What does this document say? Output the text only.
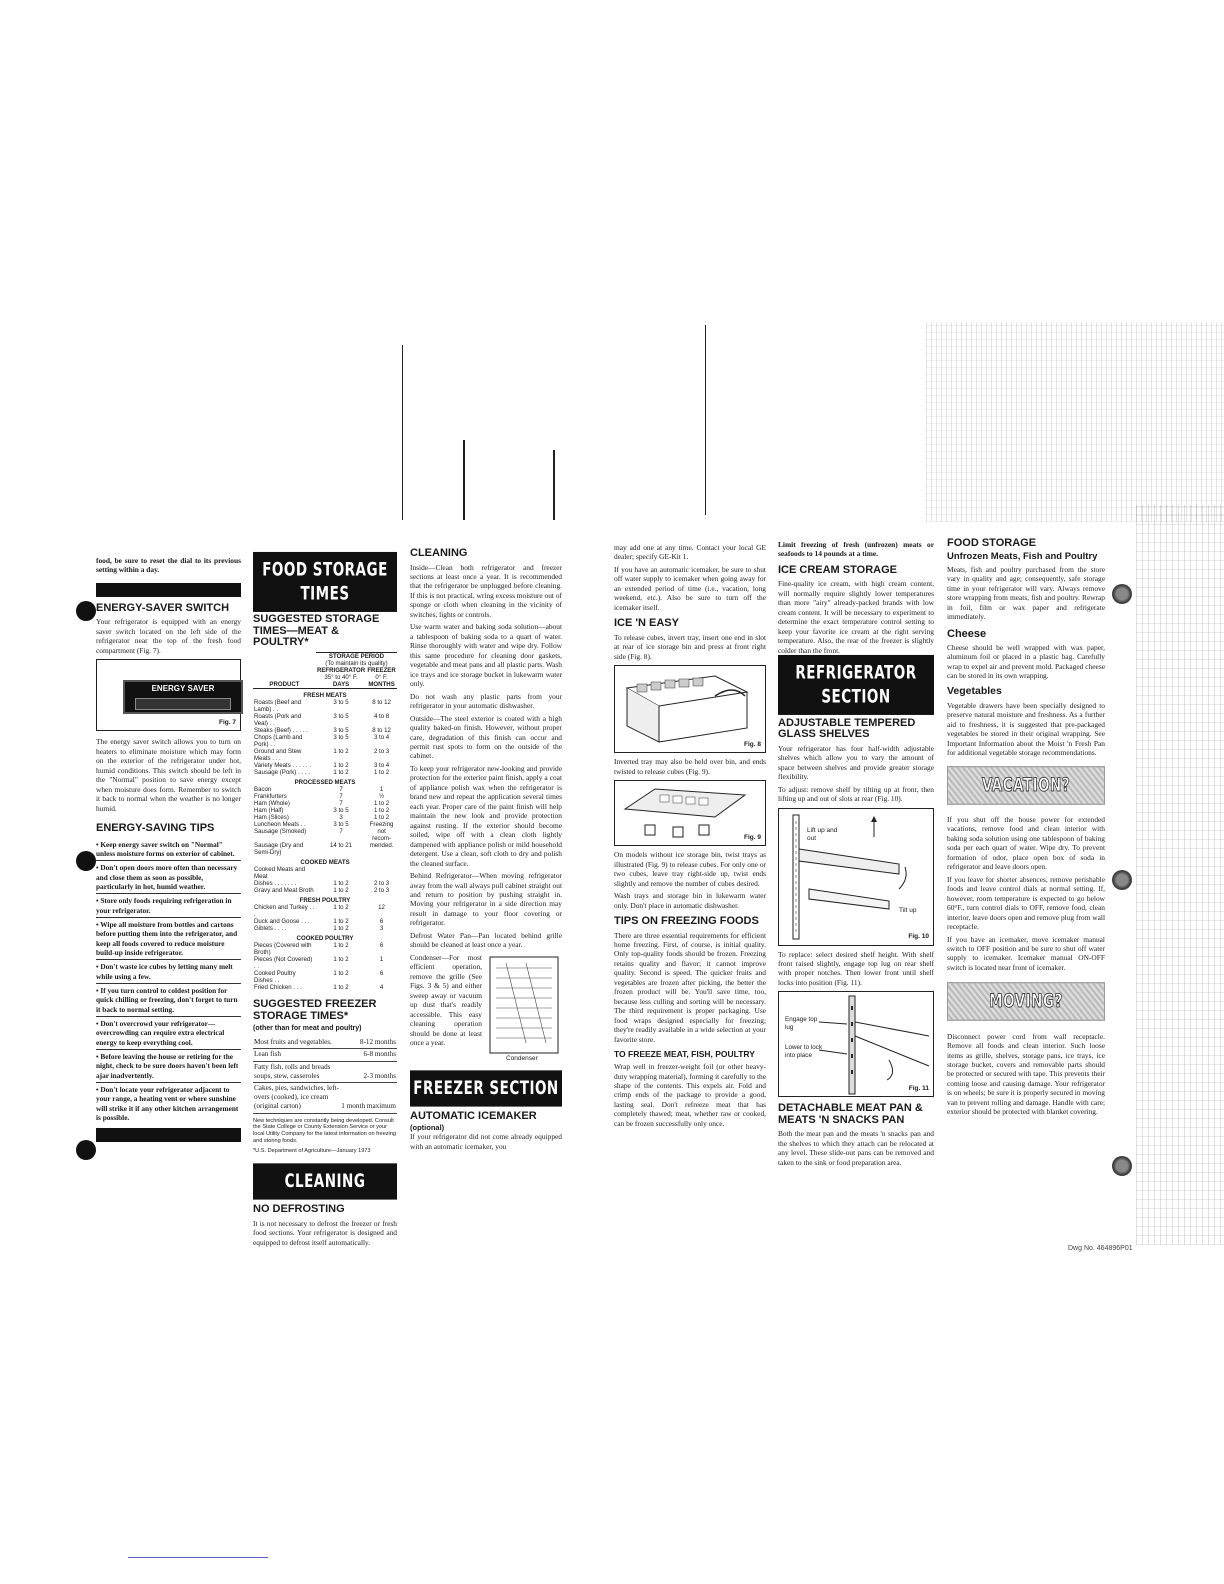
food, be sure to reset the dial to its previous setting within a day.

ENERGY-SAVER SWITCH

Your refrigerator is equipped with an energy saver switch located on the left side of the refrigerator near the top of the fresh food compartment (Fig. 7).

ENERGY SAVER
Fig. 7

The energy saver switch allows you to turn on heaters to eliminate moisture which may form on the exterior of the refrigerator under hot, humid conditions. This switch should be left in the "Normal" position to save energy except when moisture does form. Remember to switch it back to normal when the weather is no longer humid.

ENERGY-SAVING TIPS
• Keep energy saver switch on "Normal" unless moisture forms on exterior of cabinet.
• Don't open doors more often than necessary and close them as soon as possible, particularly in hot, humid weather.
• Store only foods requiring refrigeration in your refrigerator.
• Wipe all moisture from bottles and cartons before putting them into the refrigerator, and keep all foods covered to reduce moisture build-up inside refrigerator.
• Don't waste ice cubes by letting many melt while using a few.
• If you turn control to coldest position for quick chilling or freezing, don't forget to turn it back to normal setting.
• Don't overcrowd your refrigerator—overcrowding can require extra electrical energy to keep everything cool.
• Before leaving the house or retiring for the night, check to be sure doors haven't been left ajar inadvertently.
• Don't locate your refrigerator adjacent to your range, a heating vent or where sunshine will strike it if any other kitchen arrangement is possible.
FOOD STORAGE TIMES
SUGGESTED STORAGE TIMES—MEAT & POULTRY*
	STORAGE PERIOD	
	(To maintain its quality)	
	REFRIGERATOR	FREEZER
	35° to 40° F.	0° F.
PRODUCT	DAYS	MONTHS
FRESH MEATS		
Roasts (Beef and Lamb) . .	3 to 5	8 to 12
Roasts (Pork and Veal) . .	3 to 5	4 to 8
Steaks (Beef) . . . . .	3 to 5	8 to 12
Chops (Lamb and Pork) . .	3 to 5	3 to 4
Ground and Stew Meats . . .	1 to 2	2 to 3
Variety Meats . . . . . .	1 to 2	3 to 4
Sausage (Pork) . . . .	1 to 2	1 to 2
PROCESSED MEATS		
Bacon	7	1
Frankfurters	7	½
Ham (Whole)	7	1 to 2
Ham (Half)	3 to 5	1 to 2
Ham (Slices)	3	1 to 2
Luncheon Meats . .	3 to 5	Freezing
Sausage (Smoked)	7	not recom-
Sausage (Dry and Semi-Dry)	14 to 21	mended.
COOKED MEATS		
Cooked Meats and Meat		
Dishes . . . . . . .	1 to 2	2 to 3
Gravy and Meat Broth	1 to 2	2 to 3
FRESH POULTRY		
Chicken and Turkey . . .	1 to 2	12
Duck and Goose . . .	1 to 2	6
Giblets . . . .	1 to 2	3
COOKED POULTRY		
Pieces (Covered with Broth)	1 to 2	6
Pieces (Not Covered) . .	1 to 2	1
Cooked Poultry Dishes . .	1 to 2	6
Fried Chicken . . .	1 to 2	4
SUGGESTED FREEZER STORAGE TIMES*
(other than for meat and poultry)
Most fruits and vegetables.	8-12 months
Lean fish	6-8 months
Fatty fish, rolls and breads soups, stew, casseroles	2-3 months
Cakes, pies, sandwiches, left-overs (cooked), ice cream (original carton)	1 month maximum
New techniques are constantly being developed. Consult the State College or County Extension Service or your local Utility Company for the latest information on freezing and storing foods.
*U.S. Department of Agriculture—January 1973
CLEANING
NO DEFROSTING

It is not necessary to defrost the freezer or fresh food sections. Your refrigerator is designed and equipped to defrost itself automatically.

CLEANING

Inside—Clean both refrigerator and freezer sections at least once a year. It is recommended that the refrigerator be unplugged before cleaning. If this is not practical, wring excess moisture out of sponge or cloth when cleaning in the vicinity of switches, lights or controls.

Use warm water and baking soda solution—about a tablespoon of baking soda to a quart of water. Rinse thoroughly with water and wipe dry. Follow this same procedure for cleaning door gaskets, vegetable and meat pans and all plastic parts. Wash ice trays and ice storage bucket in lukewarm water only.

Do not wash any plastic parts from your refrigerator in your automatic dishwasher.

Outside—The steel exterior is coated with a high quality baked-on finish. However, without proper care, degradation of this finish can occur and permit rust spots to form on the outside of the cabinet.

To keep your refrigerator new-looking and provide protection for the exterior paint finish, apply a coat of appliance polish wax when the refrigerator is brand new and repeat the application several times each year. Proper care of the paint finish will help maintain the new look and provide protection against rusting. If the exterior should become soiled, wipe off with a clean cloth lightly dampened with appliance polish or mild household detergent. Use a clean, soft cloth to dry and polish the cleaned surface.

Behind Refrigerator—When moving refrigerator away from the wall always pull cabinet straight out and return to position by pushing straight in. Moving your refrigerator in a side direction may result in damage to your floor covering or refrigerator.

Defrost Water Pan—Pan located behind grille should be cleaned at least once a year.

Condenser—For most efficient operation, remove the grille (See Figs. 3 & 5) and either sweep away or vacuum up dust that's readily accessible. This easy cleaning operation should be done at least once a year.

Condenser
FREEZER SECTION
AUTOMATIC ICEMAKER
(optional)

If your refrigerator did not come already equipped with an automatic icemaker, you

may add one at any time. Contact your local GE dealer; specify GE-Kit 1.

If you have an automatic icemaker, be sure to shut off water supply to icemaker when going away for an extended period of time (i.e., vacation, long weekend, etc.). Also be sure to turn off the icemaker itself.

ICE 'N EASY

To release cubes, invert tray, insert one end in slot at rear of ice storage bin and press at front right side (Fig. 8).

Fig. 8

Inverted tray may also be held over bin, and ends twisted to release cubes (Fig. 9).

Fig. 9

On models without ice storage bin, twist trays as illustrated (Fig. 9) to release cubes. For only one or two cubes, leave tray right-side up, twist ends slightly and remove the number of cubes desired.

Wash trays and storage bin in lukewarm water only. Don't place in automatic dishwasher.

TIPS ON FREEZING FOODS

There are three essential requirements for efficient home freezing. First, of course, is initial quality. Only top-quality foods should be frozen. Freezing retains quality and flavor; it cannot improve quality. Second is speed. The quicker fruits and vegetables are frozen after picking, the better the frozen product will be. You'll save time, too, because less culling and sorting will be necessary. The third requirement is proper packaging. Use food wraps designed especially for freezing; they're readily available in a wide selection at your favorite store.

TO FREEZE MEAT, FISH, POULTRY

Wrap well in freezer-weight foil (or other heavy-duty wrapping material), forming it carefully to the shape of the contents. This expels air. Fold and crimp ends of the package to provide a good, lasting seal. Don't refreeze meat that has completely thawed; meat, whether raw or cooked, can be frozen successfully only once.

Limit freezing of fresh (unfrozen) meats or seafoods to 14 pounds at a time.

ICE CREAM STORAGE

Fine-quality ice cream, with high cream content, will normally require slightly lower temperatures than more "airy" already-packed brands with low cream content. It will be necessary to experiment to determine the exact temperature control setting to keep your favorite ice cream at the right serving temperature. Also, the rear of the freezer is slightly colder than the front.

REFRIGERATOR SECTION
ADJUSTABLE TEMPERED GLASS SHELVES

Your refrigerator has four half-width adjustable shelves which allow you to vary the amount of space between shelves and provide greater storage flexibility.

To adjust: remove shelf by tilting up at front, then lifting up and out of slots at rear (Fig. 10).

Lift up and out
Tilt up
Fig. 10

To replace: select desired shelf height. With shelf front raised slightly, engage top lug on rear shelf with proper notches. Then lower front until shelf locks into position (Fig. 11).

Engage top lug
Lower to lock into place
Fig. 11
DETACHABLE MEAT PAN & MEATS 'N SNACKS PAN

Both the meat pan and the meats 'n snacks pan and the shelves to which they attach can be relocated at any level. These slide-out pans can be removed and taken to the sink or food preparation area.

FOOD STORAGE
Unfrozen Meats, Fish and Poultry

Meats, fish and poultry purchased from the store vary in quality and age; consequently, safe storage time in your refrigerator will vary. Always remove store wrapping from meats, fish and poultry. Rewrap in foil, film or wax paper and refrigerate immediately.

Cheese

Cheese should be well wrapped with wax paper, aluminum foil or placed in a plastic bag. Carefully wrap to expel air and prevent mold. Packaged cheese can be stored in its own wrapping.

Vegetables

Vegetable drawers have been specially designed to preserve natural moisture and freshness. As a further aid to freshness, it is suggested that pre-packaged vegetables be stored in their original wrapping. See Important Information about the Moist 'n Fresh Pan for additional vegetable storage recommendations.

VACATION?

If you shut off the house power for extended vacations, remove food and clean interior with baking soda solution using one tablespoon of baking soda per each quart of water. Wipe dry. To prevent formation of odor, place open box of soda in refrigerator and leave doors open.

If you leave for shorter absences, remove perishable foods and leave control dials at normal setting. If, however, room temperature is expected to go below 60°F., turn control dials to OFF, remove food, clean interior, leave doors open and remove plug from wall receptacle.

If you have an icemaker, move icemaker manual switch to OFF position and be sure to shut off water supply to icemaker. Icemaker manual ON-OFF switch is located near front of icemaker.

MOVING?

Disconnect power cord from wall receptacle. Remove all foods and clean interior. Such loose items as grille, shelves, storage pans, ice trays, ice storage bucket, covers and removable parts should be protected or secured with tape. This prevents their coming loose and causing damage. Your refrigerator is on wheels; be sure it is properly secured in moving van to prevent rolling and damage. Handle with care; exterior should be protected with blanket covering.

Dwg No. 464896P01
